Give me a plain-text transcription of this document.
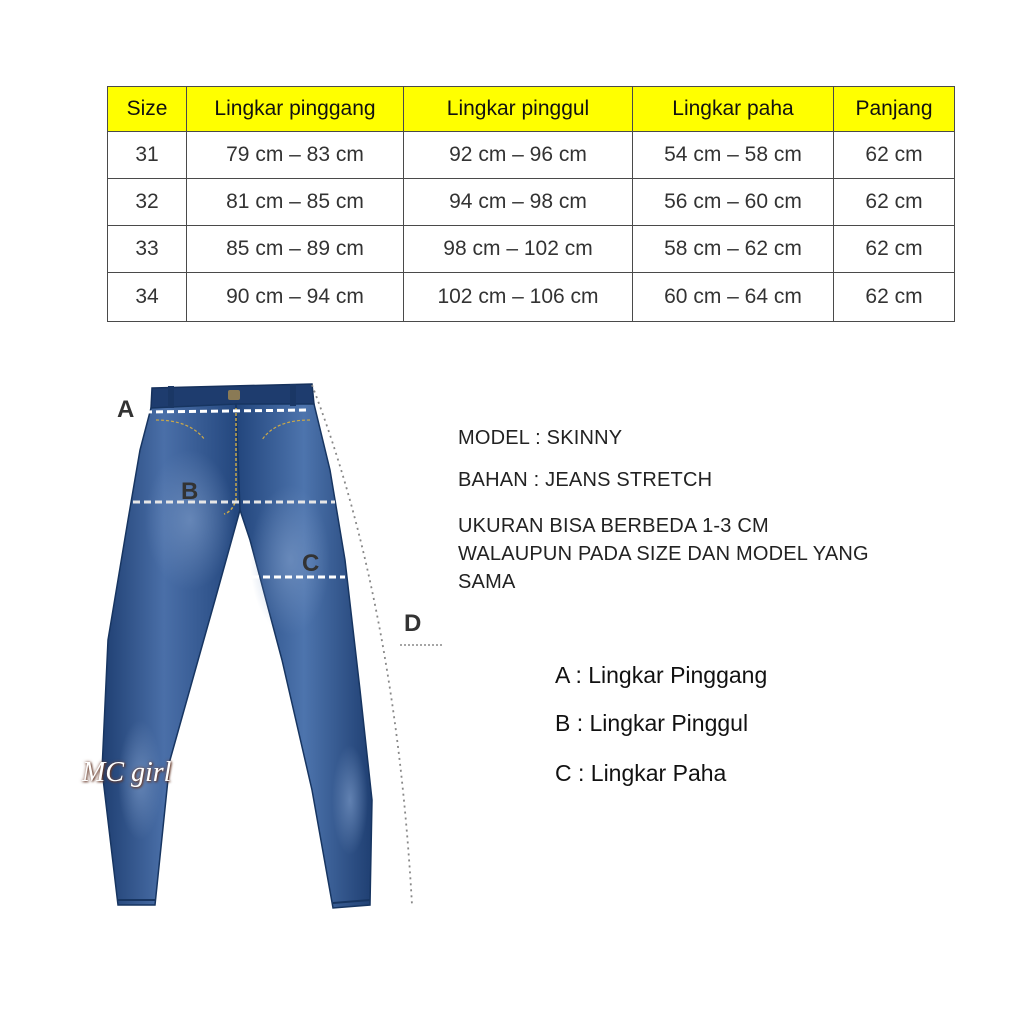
Size	Lingkar pinggang	Lingkar pinggul	Lingkar paha	Panjang
31	79 cm – 83 cm	92 cm – 96 cm	54 cm – 58 cm	62 cm
32	81 cm – 85 cm	94 cm – 98 cm	56 cm – 60 cm	62 cm
33	85 cm – 89 cm	98 cm – 102 cm	58 cm – 62 cm	62 cm
34	90 cm – 94 cm	102 cm – 106 cm	60 cm – 64 cm	62 cm
A
B
C
D
MC girl
MODEL : SKINNY
BAHAN : JEANS STRETCH
UKURAN BISA BERBEDA 1-3 CM
WALAUPUN PADA SIZE DAN MODEL YANG
SAMA
A : Lingkar Pinggang
B : Lingkar Pinggul
C : Lingkar Paha
